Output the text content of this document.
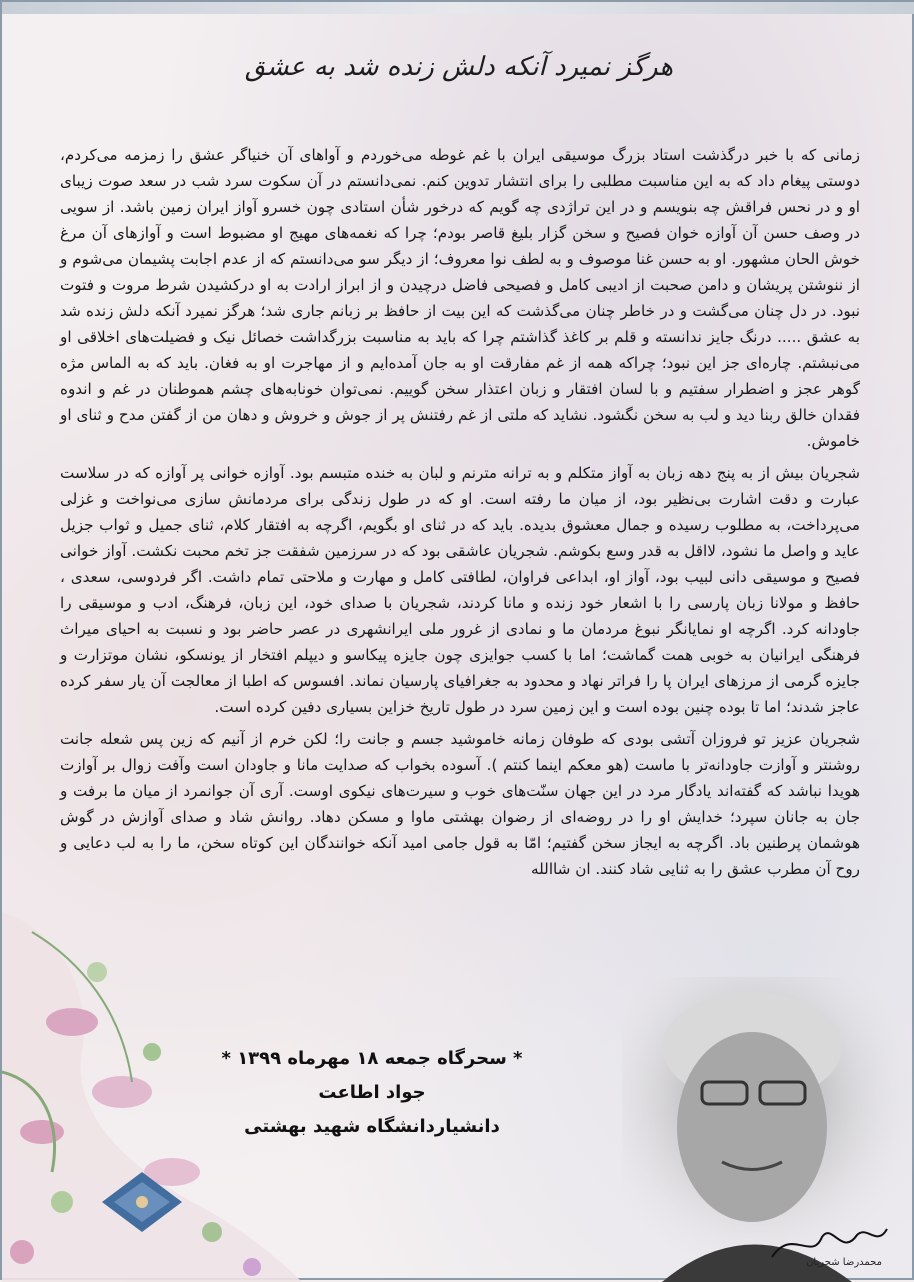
هرگز نمیرد آنکه دلش زنده شد به عشق

زمانی که با خبر درگذشت استاد بزرگ موسیقی ایران با غم غوطه می‌خوردم و آواهای آن خنیاگر عشق را زمزمه می‌کردم، دوستی پیغام داد که به این مناسبت مطلبی را برای انتشار تدوین کنم. نمی‌دانستم در آن سکوت سرد شب در سعد صوت زیبای او و در نحس فراقش چه بنویسم و در این تراژدی چه گویم که درخور شأن استادی چون خسرو آواز ایران زمین باشد. از سویی در وصف حسن آن آوازه خوان فصیح و سخن گزار بلیغ قاصر بودم؛ چرا که نغمه‌های مهیج او مضبوط است و آوازهای آن مرغ خوش الحان مشهور. او به حسن غنا موصوف و به لطف نوا معروف؛ از دیگر سو می‌دانستم که از عدم اجابت پشیمان می‌شوم و از ننوشتن پریشان و دامن صحبت از ادیبی کامل و فصیحی فاضل درچیدن و از ابراز ارادت به او درکشیدن شرط مروت و فتوت نبود. در دل چنان می‌گشت و در خاطر چنان می‌گذشت که این بیت از حافظ بر زبانم جاری شد؛ هرگز نمیرد آنکه دلش زنده شد به عشق ..... درنگ جایز ندانسته و قلم بر کاغذ گذاشتم چرا که باید به مناسبت بزرگداشت خصائل نیک و فضیلت‌های اخلاقی او می‌نبشتم. چاره‌ای جز این نبود؛ چراکه همه از غم مفارقت او به جان آمده‌ایم و از مهاجرت او به فغان. باید که به الماس مژه گوهر عجز و اضطرار سفتیم و با لسان افتقار و زبان اعتذار سخن گوییم. نمی‌توان خونابه‌های چشم هموطنان در غم و اندوه فقدان خالق ربنا دید و لب به سخن نگشود. نشاید که ملتی از غم رفتنش پر از جوش و خروش و دهان من از گفتن مدح و ثنای او خاموش.

شجریان بیش از به پنج دهه زبان به آواز متکلم و به ترانه مترنم و لبان به خنده متبسم بود. آوازه خوانی پر آوازه که در سلاست عبارت و دقت اشارت بی‌نظیر بود، از میان ما رفته است. او که در طول زندگی برای مردمانش سازی می‌نواخت و غزلی می‌پرداخت، به مطلوب رسیده و جمال معشوق بدیده. باید که در ثنای او بگویم، اگرچه به افتقار کلام، ثنای جمیل و ثواب جزیل عاید و واصل ما نشود، لااقل به قدر وسع بکوشم. شجریان عاشقی بود که در سرزمین شفقت جز تخم محبت نکشت. آواز خوانی فصیح و موسیقی دانی لبیب بود، آواز او، ابداعی فراوان، لطافتی کامل و مهارت و ملاحتی تمام داشت. اگر فردوسی، سعدی ، حافظ و مولانا زبان پارسی را با اشعار خود زنده و مانا کردند، شجریان با صدای خود، این زبان، فرهنگ، ادب و موسیقی را جاودانه کرد. اگرچه او نمایانگر نبوغ مردمان ما و نمادی از غرور ملی ایرانشهری در عصر حاضر بود و نسبت به احیای میراث فرهنگی ایرانیان به خوبی همت گماشت؛ اما با کسب جوایزی چون جایزه پیکاسو و دیپلم افتخار از یونسکو، نشان موتزارت و جایزه گرمی از مرزهای ایران پا را فراتر نهاد و محدود به جغرافیای پارسیان نماند. افسوس که اطبا از معالجت آن یار سفر کرده عاجز شدند؛ اما تا بوده چنین بوده است و این زمین سرد در طول تاریخ خزاین بسیاری دفین کرده است.

شجریان عزیز تو فروزان آتشی بودی که طوفان زمانه خاموشید جسم و جانت را؛ لکن خرم از آنیم که زین پس شعله جانت روشنتر و آوازت جاودانه‌تر با ماست (هو معکم اینما کنتم ). آسوده بخواب که صدایت مانا و جاودان است وآفت زوال بر آوازت هویدا نباشد که گفته‌اند یادگار مرد در این جهان سنّت‌های خوب و سیرت‌های نیکوی اوست. آری آن جوانمرد از میان ما برفت و جان به جانان سپرد؛ خدایش او را در روضه‌ای از رضوان بهشتی ماوا و مسکن دهاد. روانش شاد و صدای آوازش در گوش هوشمان پرطنین باد. اگرچه به ایجاز سخن گفتیم؛ امّا به قول جامی امید آنکه خوانندگان این کوتاه سخن، ما را به لب دعایی و روح آن مطرب عشق را به ثنایی شاد کنند. ان شاالله

* سحرگاه جمعه ۱۸ مهرماه ۱۳۹۹ *
جواد اطاعت
دانشیاردانشگاه شهید بهشتی
محمدرضا شجریان
